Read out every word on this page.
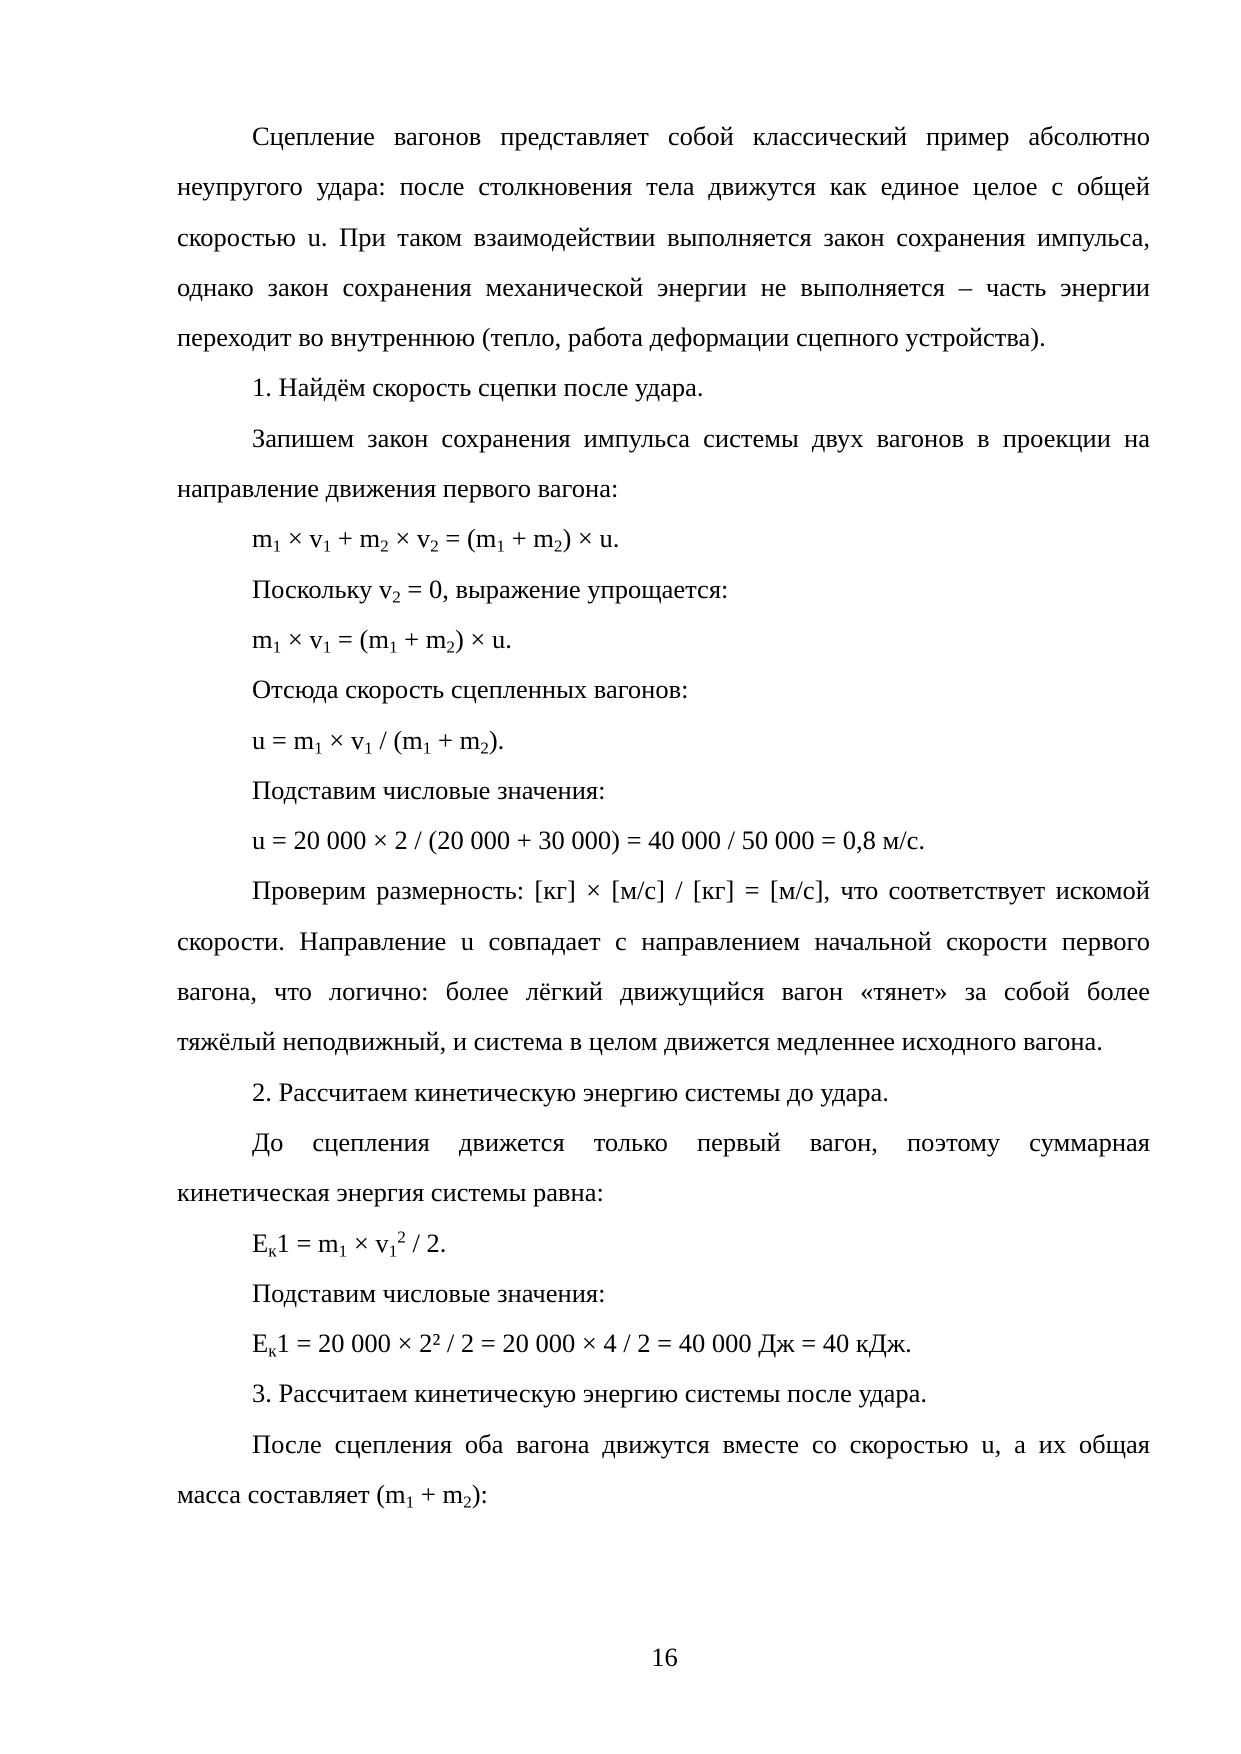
Сцепление вагонов представляет собой классический пример абсолютно неупругого удара: после столкновения тела движутся как единое целое с общей скоростью u. При таком взаимодействии выполняется закон сохранения импульса, однако закон сохранения механической энергии не выполняется – часть энергии переходит во внутреннюю (тепло, работа деформации сцепного устройства).

1. Найдём скорость сцепки после удара.

Запишем закон сохранения импульса системы двух вагонов в проекции на направление движения первого вагона:

$m_1 \times v_1 + m_2 \times v_2 = (m_1 + m_2) \times u$.

Поскольку $v_2 = 0$, выражение упрощается:

$m_1 \times v_1 = (m_1 + m_2) \times u$.

Отсюда скорость сцепленных вагонов:

$u = m_1 \times v_1 / (m_1 + m_2)$.

Подставим числовые значения:

u = 20 000 × 2 / (20 000 + 30 000) = 40 000 / 50 000 = 0,8 м/с.

Проверим размерность: [кг] × [м/с] / [кг] = [м/с], что соответствует искомой скорости. Направление u совпадает с направлением начальной скорости первого вагона, что логично: более лёгкий движущийся вагон «тянет» за собой более тяжёлый неподвижный, и система в целом движется медленнее исходного вагона.

2. Рассчитаем кинетическую энергию системы до удара.

До сцепления движется только первый вагон, поэтому суммарная кинетическая энергия системы равна:

$E_к1 = m_1 \times v_1^2 / 2$.

Подставим числовые значения:

$E_к1 = 20$ 000 × 2² / 2 = 20 000 × 4 / 2 = 40 000 Дж = 40 кДж.

3. Рассчитаем кинетическую энергию системы после удара.

После сцепления оба вагона движутся вместе со скоростью u, а их общая масса составляет $(m_1 + m_2)$:

16
